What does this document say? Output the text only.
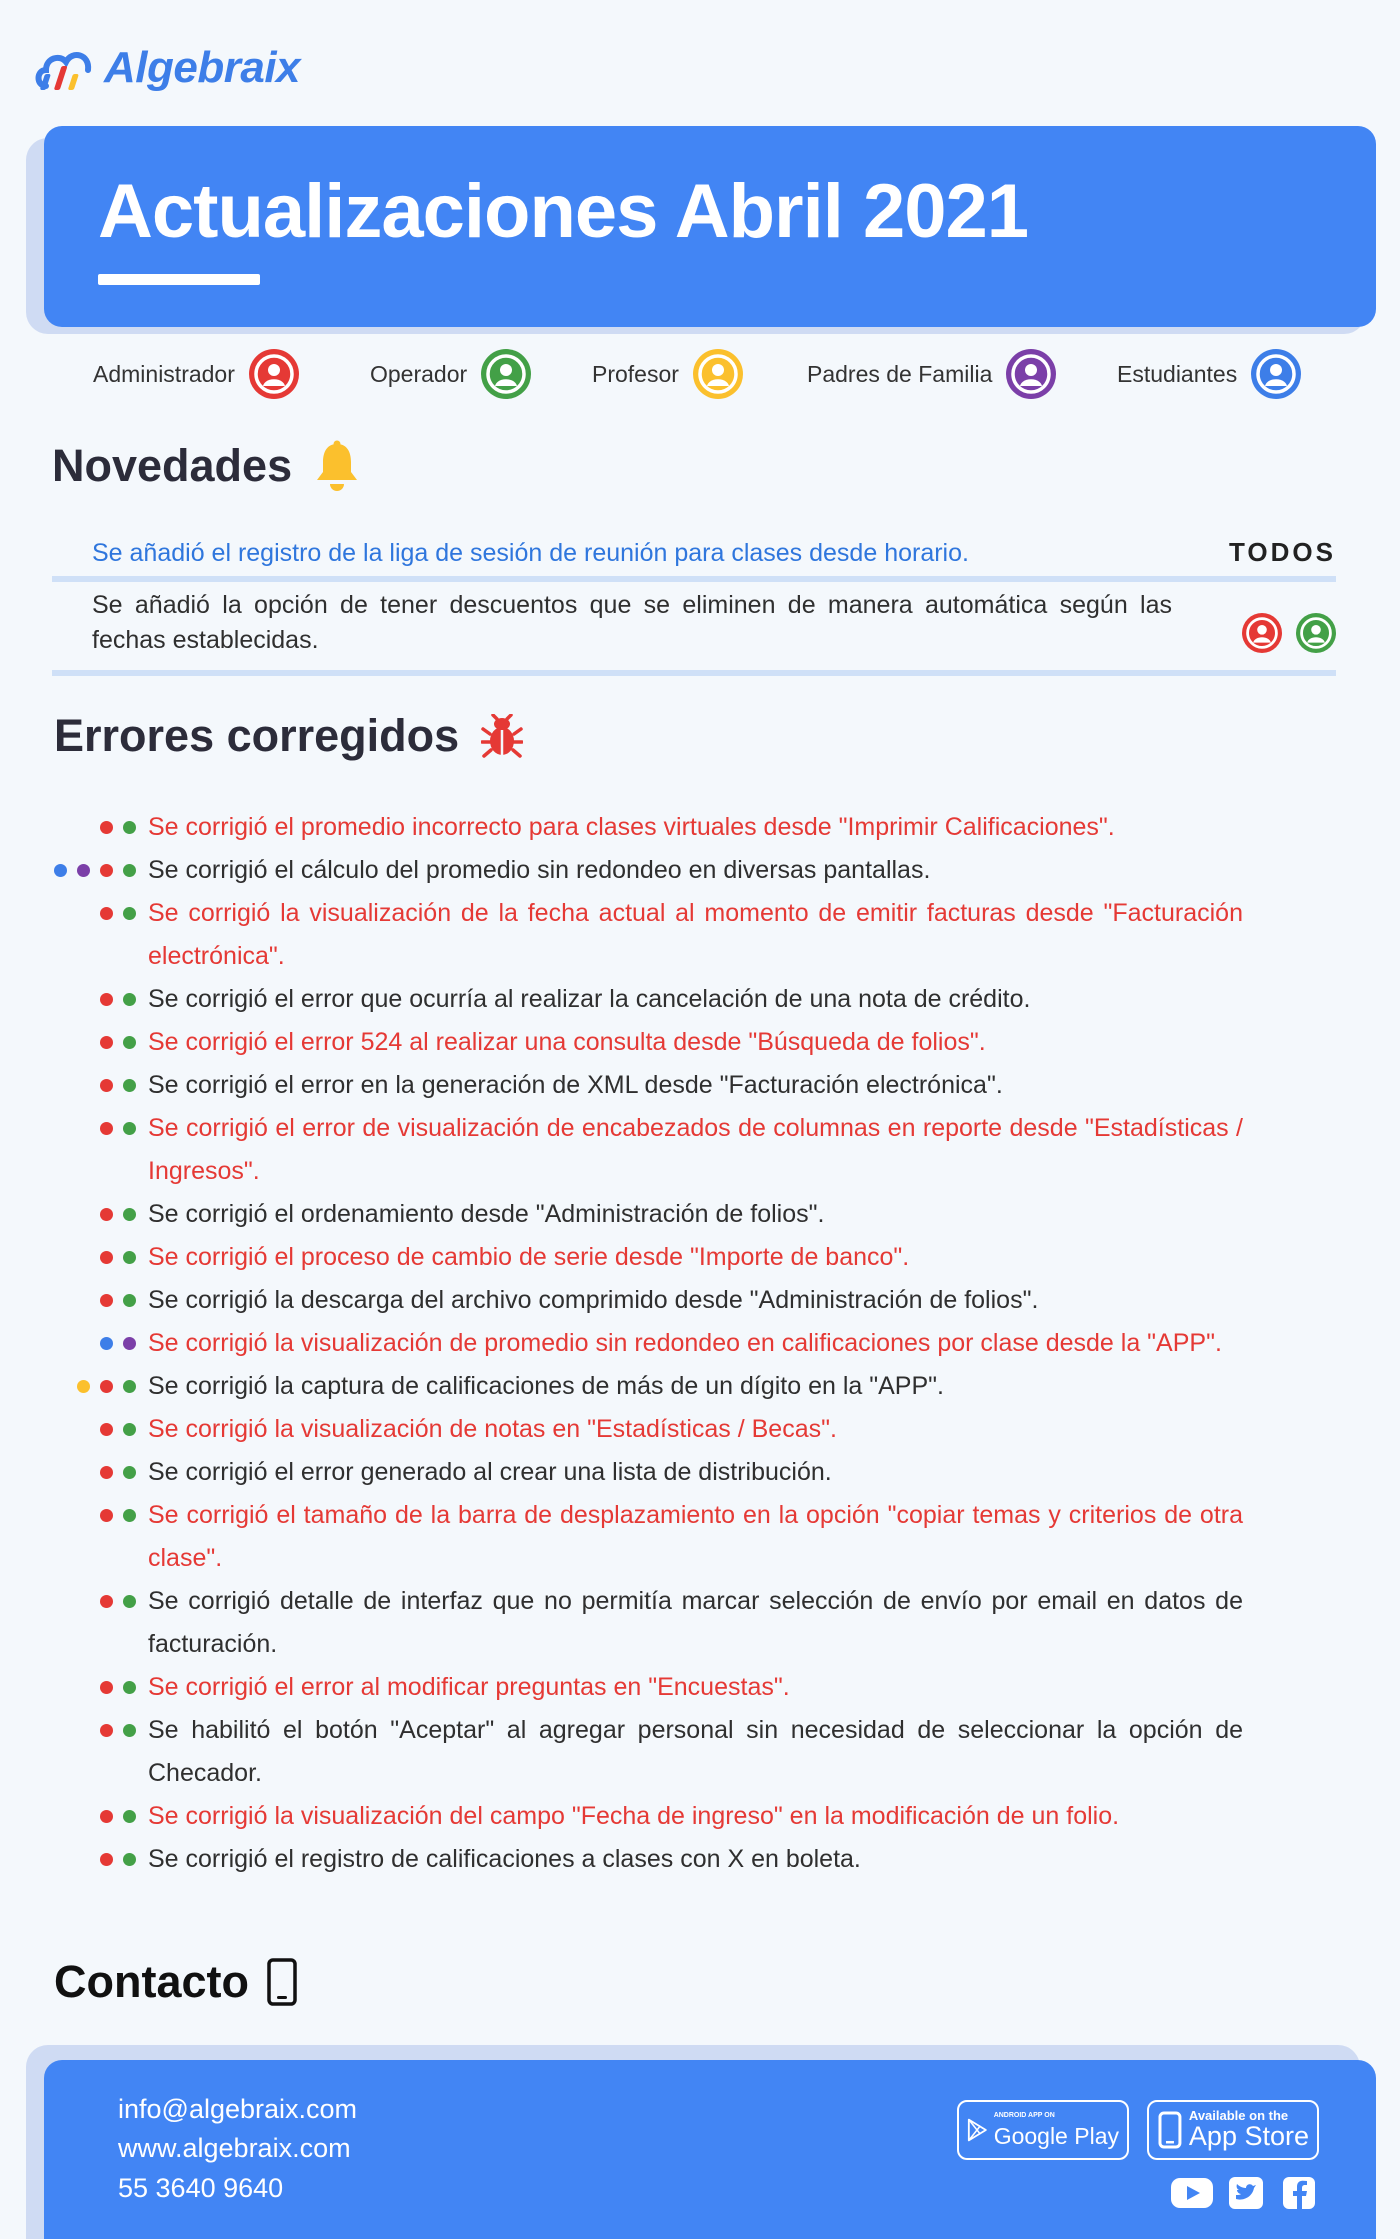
Algebraix
Actualizaciones Abril 2021
Administrador	Operador	Profesor	Padres de Familia	Estudiantes
Novedades
Se añadió el registro de la liga de sesión de reunión para clases desde horario.	TODOS
Se añadió la opción de tener descuentos que se eliminen de manera automática según las fechas establecidas.
Errores corregidos
Se corrigió el promedio incorrecto para clases virtuales desde "Imprimir Calificaciones".
Se corrigió el cálculo del promedio sin redondeo en diversas pantallas.
Se corrigió la visualización de la fecha actual al momento de emitir facturas desde "Facturación electrónica".
Se corrigió el error que ocurría al realizar la cancelación de una nota de crédito.
Se corrigió el error 524 al realizar una consulta desde "Búsqueda de folios".
Se corrigió el error en la generación de XML desde "Facturación electrónica".
Se corrigió el error de visualización de encabezados de columnas en reporte desde "Estadísticas / Ingresos".
Se corrigió el ordenamiento desde "Administración de folios".
Se corrigió el proceso de cambio de serie desde "Importe de banco".
Se corrigió la descarga del archivo comprimido desde "Administración de folios".
Se corrigió la visualización de promedio sin redondeo en calificaciones por clase desde la "APP".
Se corrigió la captura de calificaciones de más de un dígito en la "APP".
Se corrigió la visualización de notas en "Estadísticas / Becas".
Se corrigió el error generado al crear una lista de distribución.
Se corrigió el tamaño de la barra de desplazamiento en la opción "copiar temas y criterios de otra clase".
Se corrigió detalle de interfaz que no permitía marcar selección de envío por email en datos de facturación.
Se corrigió el error al modificar preguntas en "Encuestas".
Se habilitó el botón "Aceptar" al agregar personal sin necesidad de seleccionar la opción de Checador.
Se corrigió la visualización del campo "Fecha de ingreso" en la modificación de un folio.
Se corrigió el registro de calificaciones a clases con X en boleta.
Contacto
info@algebraix.com
www.algebraix.com
55 3640 9640
ANDROID APP ON
Google Play
Available on the
App Store
